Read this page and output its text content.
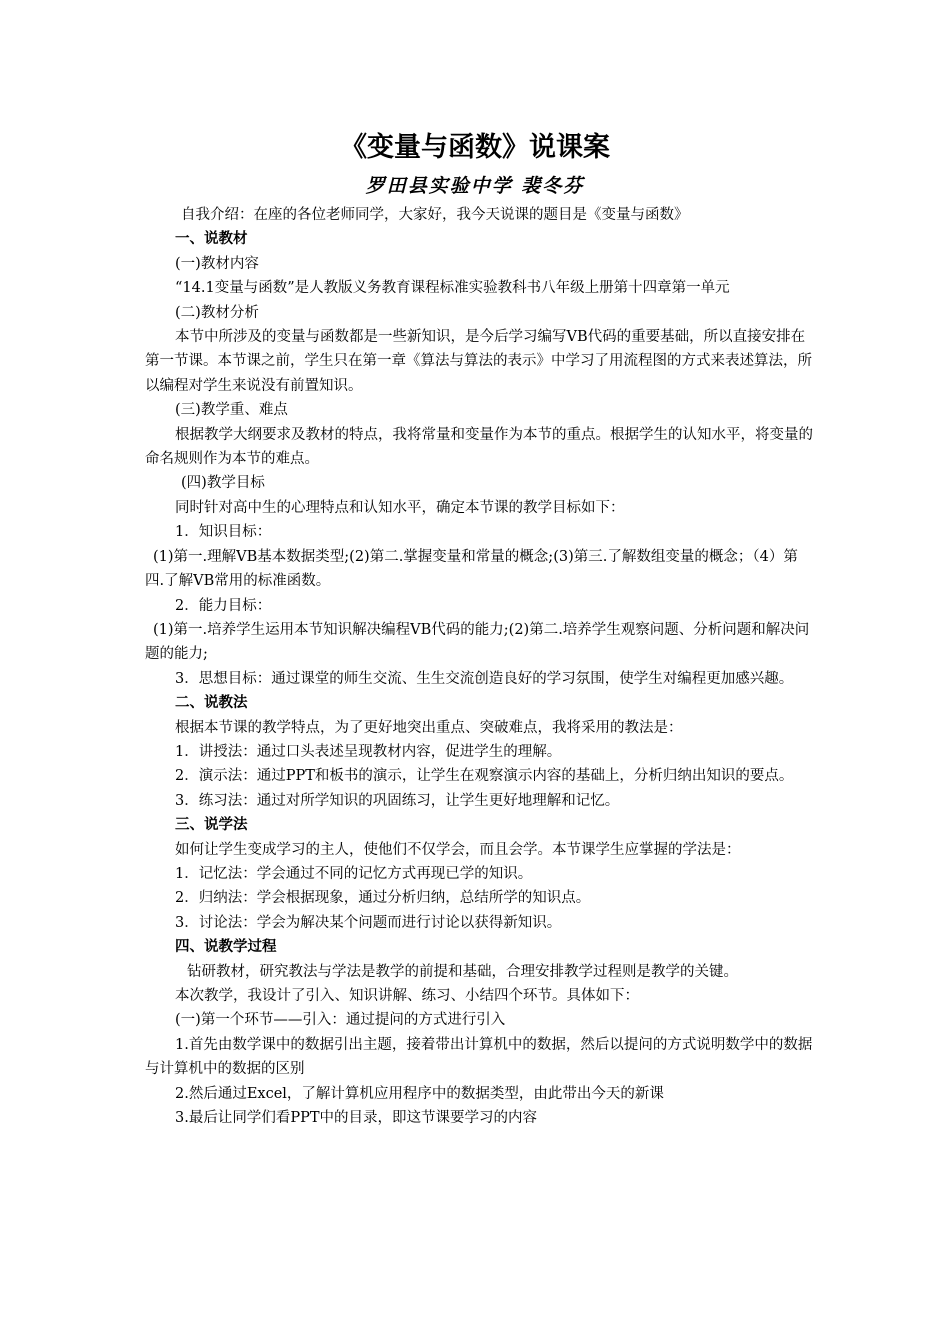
《变量与函数》说课案
罗田县实验中学 裴冬芬

自我介绍：在座的各位老师同学，大家好，我今天说课的题目是《变量与函数》

一、说教材

(一)教材内容

“14.1变量与函数”是人教版义务教育课程标准实验教科书八年级上册第十四章第一单元

(二)教材分析

本节中所涉及的变量与函数都是一些新知识，是今后学习编写VB代码的重要基础，所以直接安排在第一节课。本节课之前，学生只在第一章《算法与算法的表示》中学习了用流程图的方式来表述算法，所以编程对学生来说没有前置知识。

(三)教学重、难点

根据教学大纲要求及教材的特点，我将常量和变量作为本节的重点。根据学生的认知水平，将变量的命名规则作为本节的难点。

(四)教学目标

同时针对高中生的心理特点和认知水平，确定本节课的教学目标如下：

1．知识目标：

(1)第一.理解VB基本数据类型;(2)第二.掌握变量和常量的概念;(3)第三.了解数组变量的概念；（4）第四.了解VB常用的标准函数。

2．能力目标：

(1)第一.培养学生运用本节知识解决编程VB代码的能力;(2)第二.培养学生观察问题、分析问题和解决问题的能力;

3．思想目标：通过课堂的师生交流、生生交流创造良好的学习氛围，使学生对编程更加感兴趣。

二、说教法

根据本节课的教学特点，为了更好地突出重点、突破难点，我将采用的教法是：

1．讲授法：通过口头表述呈现教材内容，促进学生的理解。

2．演示法：通过PPT和板书的演示，让学生在观察演示内容的基础上，分析归纳出知识的要点。

3．练习法：通过对所学知识的巩固练习，让学生更好地理解和记忆。

三、说学法

如何让学生变成学习的主人，使他们不仅学会，而且会学。本节课学生应掌握的学法是：

1．记忆法：学会通过不同的记忆方式再现已学的知识。

2．归纳法：学会根据现象，通过分析归纳，总结所学的知识点。

3．讨论法：学会为解决某个问题而进行讨论以获得新知识。

四、说教学过程

钻研教材，研究教法与学法是教学的前提和基础，合理安排教学过程则是教学的关键。

本次教学，我设计了引入、知识讲解、练习、小结四个环节。具体如下：

(一)第一个环节——引入：通过提问的方式进行引入

1.首先由数学课中的数据引出主题，接着带出计算机中的数据，然后以提问的方式说明数学中的数据与计算机中的数据的区别

2.然后通过Excel，了解计算机应用程序中的数据类型，由此带出今天的新课

3.最后让同学们看PPT中的目录，即这节课要学习的内容
